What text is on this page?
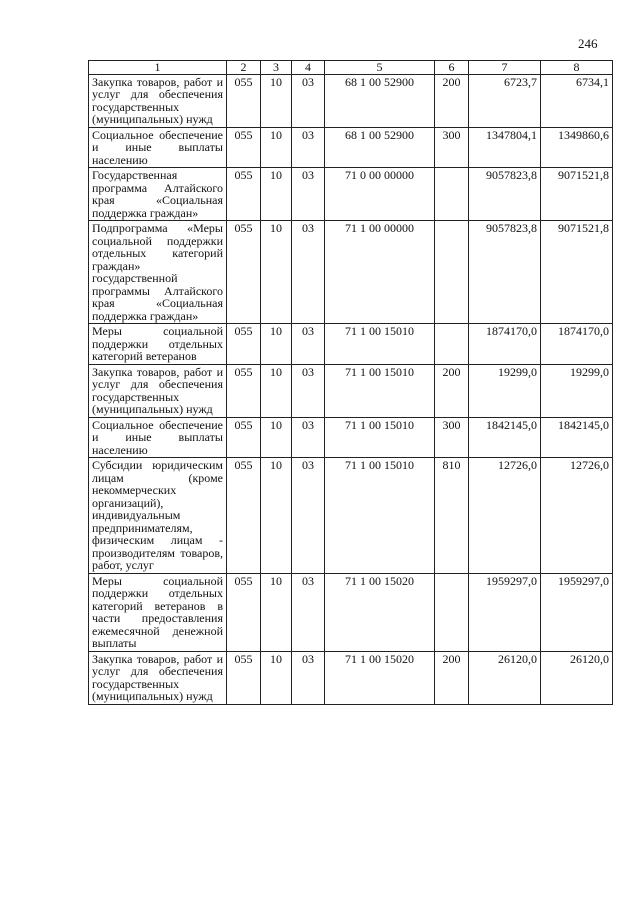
246
1	2	3	4	5	6	7	8
Закупка товаров, работ и услуг для обеспечения государственных (муниципальных) нужд	055	10	03	68 1 00 52900	200	6723,7	6734,1
Социальное обеспечение и иные выплаты населению	055	10	03	68 1 00 52900	300	1347804,1	1349860,6
Государственная программа Алтайского края «Социальная поддержка граждан»	055	10	03	71 0 00 00000		9057823,8	9071521,8
Подпрограмма «Меры социальной поддержки отдельных категорий граждан» государственной программы Алтайского края «Социальная поддержка граждан»	055	10	03	71 1 00 00000		9057823,8	9071521,8
Меры социальной поддержки отдельных категорий ветеранов	055	10	03	71 1 00 15010		1874170,0	1874170,0
Закупка товаров, работ и услуг для обеспечения государственных (муниципальных) нужд	055	10	03	71 1 00 15010	200	19299,0	19299,0
Социальное обеспечение и иные выплаты населению	055	10	03	71 1 00 15010	300	1842145,0	1842145,0
Субсидии юридическим лицам (кроме некоммерческих организаций), индивидуальным предпринимателям, физическим лицам - производителям товаров, работ, услуг	055	10	03	71 1 00 15010	810	12726,0	12726,0
Меры социальной поддержки отдельных категорий ветеранов в части предоставления ежемесячной денежной выплаты	055	10	03	71 1 00 15020		1959297,0	1959297,0
Закупка товаров, работ и услуг для обеспечения государственных (муниципальных) нужд	055	10	03	71 1 00 15020	200	26120,0	26120,0
